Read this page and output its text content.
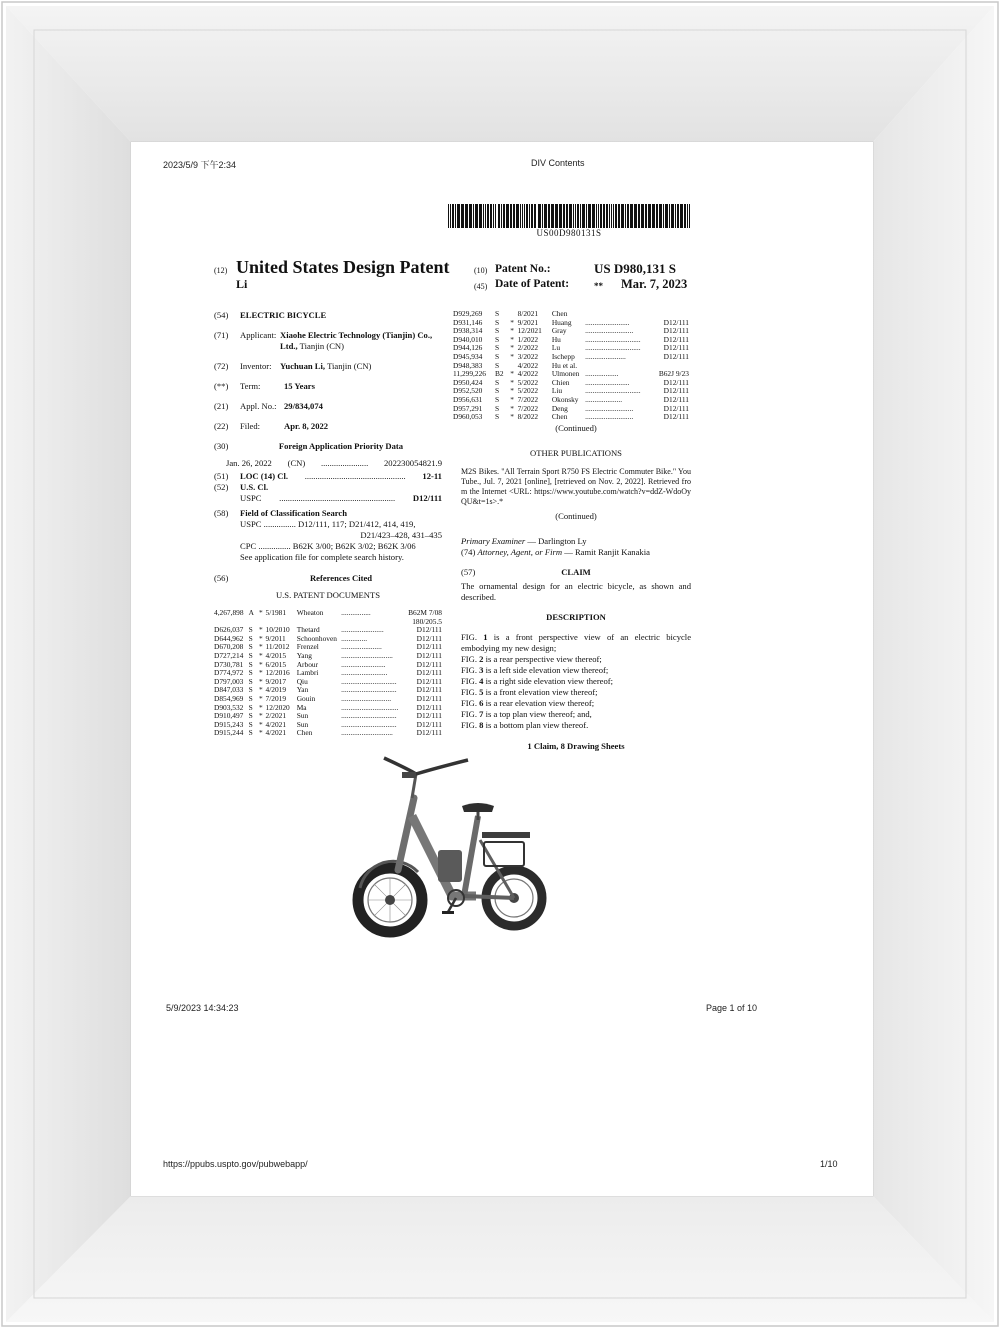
2023/5/9 下午2:34	DIV Contents
US00D980131S
(12) United States Design Patent
Li
(10) Patent No.:	US D980,131 S
(45) Date of Patent:	** Mar. 7, 2023
(54) ELECTRIC BICYCLE
(71) Applicant: Xiaohe Electric Technology (Tianjin) Co., Ltd., Tianjin (CN)
(72) Inventor: Yuchuan Li, Tianjin (CN)
(**) Term:	15 Years
(21) Appl. No.: 29/834,074
(22) Filed:	Apr. 8, 2022
(30)	Foreign Application Priority Data
Jan. 26, 2022 (CN) ...................... 202230054821.9
(51) LOC (14) Cl. ............................................... 12-11
(52) U.S. Cl.
USPC ...................................................... D12/111
(58) Field of Classification Search
USPC ............... D12/111, 117; D21/412, 414, 419,
D21/423–428, 431–435
CPC ............... B62K 3/00; B62K 3/02; B62K 3/06
See application file for complete search history.
(56)	References Cited
U.S. PATENT DOCUMENTS
4,267,898	A	*	5/1981	Wheaton	................	B62M 7/08
180/205.5						
D626,037	S	*	10/2010	Thetard	.......................	D12/111
D644,962	S	*	9/2011	Schoonhoven	..............	D12/111
D670,208	S	*	11/2012	Frenzel	......................	D12/111
D727,214	S	*	4/2015	Yang	............................	D12/111
D730,781	S	*	6/2015	Arbour	........................	D12/111
D774,972	S	*	12/2016	Lambri	.........................	D12/111
D797,003	S	*	9/2017	Qiu	..............................	D12/111
D847,033	S	*	4/2019	Yan	..............................	D12/111
D854,969	S	*	7/2019	Gouin	...........................	D12/111
D903,532	S	*	12/2020	Ma	...............................	D12/111
D910,497	S	*	2/2021	Sun	..............................	D12/111
D915,243	S	*	4/2021	Sun	..............................	D12/111
D915,244	S	*	4/2021	Chen	............................	D12/111
D929,269	S		8/2021	Chen		
D931,146	S	*	9/2021	Huang	........................	D12/111
D938,314	S	*	12/2021	Gray	..........................	D12/111
D940,010	S	*	1/2022	Hu	..............................	D12/111
D944,126	S	*	2/2022	Lu	..............................	D12/111
D945,934	S	*	3/2022	Ischepp	......................	D12/111
D948,383	S		4/2022	Hu et al.		
11,299,226	B2	*	4/2022	Ulmonen	..................	B62J 9/23
D950,424	S	*	5/2022	Chien	........................	D12/111
D952,520	S	*	5/2022	Liu	..............................	D12/111
D956,631	S	*	7/2022	Okonsky	....................	D12/111
D957,291	S	*	7/2022	Deng	..........................	D12/111
D960,053	S	*	8/2022	Chen	..........................	D12/111
(Continued)
OTHER PUBLICATIONS
M2S Bikes. "All Terrain Sport R750 FS Electric Commuter Bike." YouTube., Jul. 7, 2021 [online], [retrieved on Nov. 2, 2022]. Retrieved from the Internet <URL: https://www.youtube.com/watch?v=ddZ-WdoOyQU&t=1s>.*
(Continued)
Primary Examiner — Darlington Ly
(74) Attorney, Agent, or Firm — Ramit Ranjit Kanakia
(57)	CLAIM
The ornamental design for an electric bicycle, as shown and described.
DESCRIPTION
FIG. 1 is a front perspective view of an electric bicycle embodying my new design;
FIG. 2 is a rear perspective view thereof;
FIG. 3 is a left side elevation view thereof;
FIG. 4 is a right side elevation view thereof;
FIG. 5 is a front elevation view thereof;
FIG. 6 is a rear elevation view thereof;
FIG. 7 is a top plan view thereof; and,
FIG. 8 is a bottom plan view thereof.
1 Claim, 8 Drawing Sheets
5/9/2023 14:34:23	Page 1 of 10
https://ppubs.uspto.gov/pubwebapp/	1/10
